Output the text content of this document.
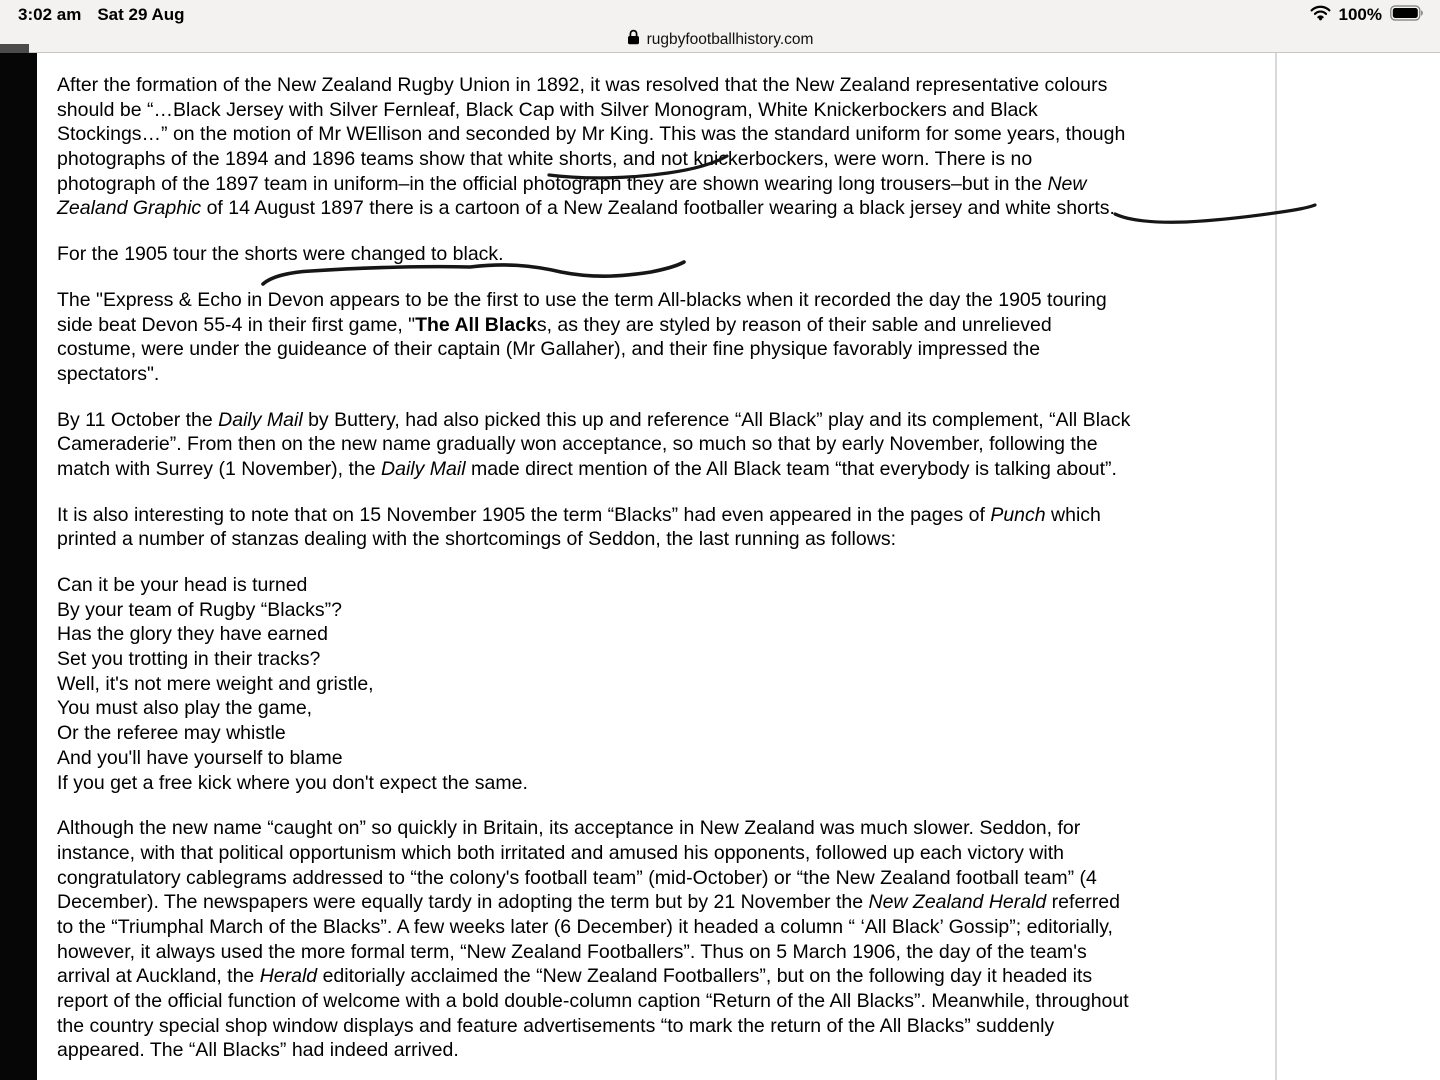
3:02 am Sat 29 Aug	100%
rugbyfootballhistory.com
After the formation of the New Zealand Rugby Union in 1892, it was resolved that the New Zealand representative colours
should be “…Black Jersey with Silver Fernleaf, Black Cap with Silver Monogram, White Knickerbockers and Black
Stockings…” on the motion of Mr WEllison and seconded by Mr King. This was the standard uniform for some years, though
photographs of the 1894 and 1896 teams show that white shorts, and not knickerbockers, were worn. There is no
photograph of the 1897 team in uniform–in the official photograph they are shown wearing long trousers–but in the New
Zealand Graphic of 14 August 1897 there is a cartoon of a New Zealand footballer wearing a black jersey and white shorts.
For the 1905 tour the shorts were changed to black.
The "Express & Echo in Devon appears to be the first to use the term All-blacks when it recorded the day the 1905 touring
side beat Devon 55-4 in their first game, "The All Blacks, as they are styled by reason of their sable and unrelieved
costume, were under the guideance of their captain (Mr Gallaher), and their fine physique favorably impressed the
spectators".
By 11 October the Daily Mail by Buttery, had also picked this up and reference “All Black” play and its complement, “All Black
Cameraderie”. From then on the new name gradually won acceptance, so much so that by early November, following the
match with Surrey (1 November), the Daily Mail made direct mention of the All Black team “that everybody is talking about”.
It is also interesting to note that on 15 November 1905 the term “Blacks” had even appeared in the pages of Punch which
printed a number of stanzas dealing with the shortcomings of Seddon, the last running as follows:
Can it be your head is turned
By your team of Rugby “Blacks”?
Has the glory they have earned
Set you trotting in their tracks?
Well, it's not mere weight and gristle,
You must also play the game,
Or the referee may whistle
And you'll have yourself to blame
If you get a free kick where you don't expect the same.
Although the new name “caught on” so quickly in Britain, its acceptance in New Zealand was much slower. Seddon, for
instance, with that political opportunism which both irritated and amused his opponents, followed up each victory with
congratulatory cablegrams addressed to “the colony's football team” (mid-October) or “the New Zealand football team” (4
December). The newspapers were equally tardy in adopting the term but by 21 November the New Zealand Herald referred
to the “Triumphal March of the Blacks”. A few weeks later (6 December) it headed a column “ ‘All Black’ Gossip”; editorially,
however, it always used the more formal term, “New Zealand Footballers”. Thus on 5 March 1906, the day of the team's
arrival at Auckland, the Herald editorially acclaimed the “New Zealand Footballers”, but on the following day it headed its
report of the official function of welcome with a bold double-column caption “Return of the All Blacks”. Meanwhile, throughout
the country special shop window displays and feature advertisements “to mark the return of the All Blacks” suddenly
appeared. The “All Blacks” had indeed arrived.
